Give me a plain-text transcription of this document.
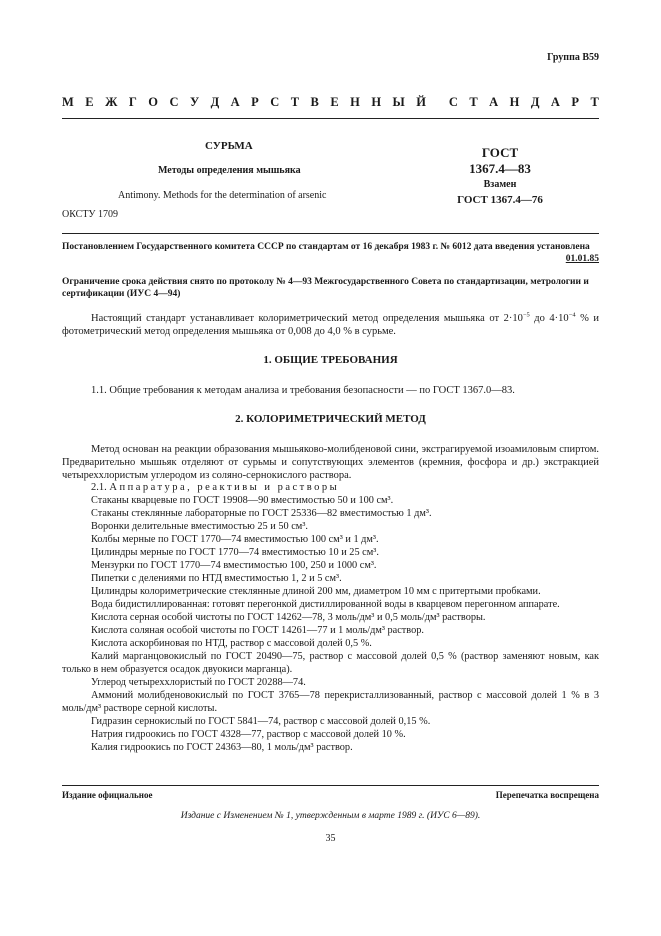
Группа В59
М Е Ж Г О С У Д А Р С Т В Е Н Н Ы Й С Т А Н Д А Р Т
СУРЬМА
Методы определения мышьяка
Antimony. Methods for the determination of arsenic
ОКСТУ 1709
ГОСТ
1367.4—83
Взамен
ГОСТ 1367.4—76
Постановлением Государственного комитета СССР по стандартам от 16 декабря 1983 г. № 6012 дата введения установлена
01.01.85
Ограничение срока действия снято по протоколу № 4—93 Межгосударственного Совета по стандартизации, метрологии и сертификации (ИУС 4—94)
Настоящий стандарт устанавливает колориметрический метод определения мышьяка от $2\cdot 10^{-5}$ до $4\cdot 10^{-4}$ % и фотометрический метод определения мышьяка от 0,008 до 4,0 % в сурьме.
1. ОБЩИЕ ТРЕБОВАНИЯ
1.1. Общие требования к методам анализа и требования безопасности — по ГОСТ 1367.0—83.
2. КОЛОРИМЕТРИЧЕСКИЙ МЕТОД
Метод основан на реакции образования мышьяково-молибденовой сини, экстрагируемой изоамиловым спиртом. Предварительно мышьяк отделяют от сурьмы и сопутствующих элементов (кремния, фосфора и др.) экстракцией четыреххлористым углеродом из соляно-сернокислого раствора.
2.1. Аппаратура, реактивы и растворы
Стаканы кварцевые по ГОСТ 19908—90 вместимостью 50 и 100 см³.
Стаканы стеклянные лабораторные по ГОСТ 25336—82 вместимостью 1 дм³.
Воронки делительные вместимостью 25 и 50 см³.
Колбы мерные по ГОСТ 1770—74 вместимостью 100 см³ и 1 дм³.
Цилиндры мерные по ГОСТ 1770—74 вместимостью 10 и 25 см³.
Мензурки по ГОСТ 1770—74 вместимостью 100, 250 и 1000 см³.
Пипетки с делениями по НТД вместимостью 1, 2 и 5 см³.
Цилиндры колориметрические стеклянные длиной 200 мм, диаметром 10 мм с притертыми пробками.
Вода бидистиллированная: готовят перегонкой дистиллированной воды в кварцевом перегонном аппарате.
Кислота серная особой чистоты по ГОСТ 14262—78, 3 моль/дм³ и 0,5 моль/дм³ растворы.
Кислота соляная особой чистоты по ГОСТ 14261—77 и 1 моль/дм³ раствор.
Кислота аскорбиновая по НТД, раствор с массовой долей 0,5 %.
Калий марганцовокислый по ГОСТ 20490—75, раствор с массовой долей 0,5 % (раствор заменяют новым, как только в нем образуется осадок двуокиси марганца).
Углерод четыреххлористый по ГОСТ 20288—74.
Аммоний молибденовокислый по ГОСТ 3765—78 перекристаллизованный, раствор с массовой долей 1 % в 3 моль/дм³ растворе серной кислоты.
Гидразин сернокислый по ГОСТ 5841—74, раствор с массовой долей 0,15 %.
Натрия гидроокись по ГОСТ 4328—77, раствор с массовой долей 10 %.
Калия гидроокись по ГОСТ 24363—80, 1 моль/дм³ раствор.
Издание официальное	Перепечатка воспрещена
Издание с Изменением № 1, утвержденным в марте 1989 г. (ИУС 6—89).
35
